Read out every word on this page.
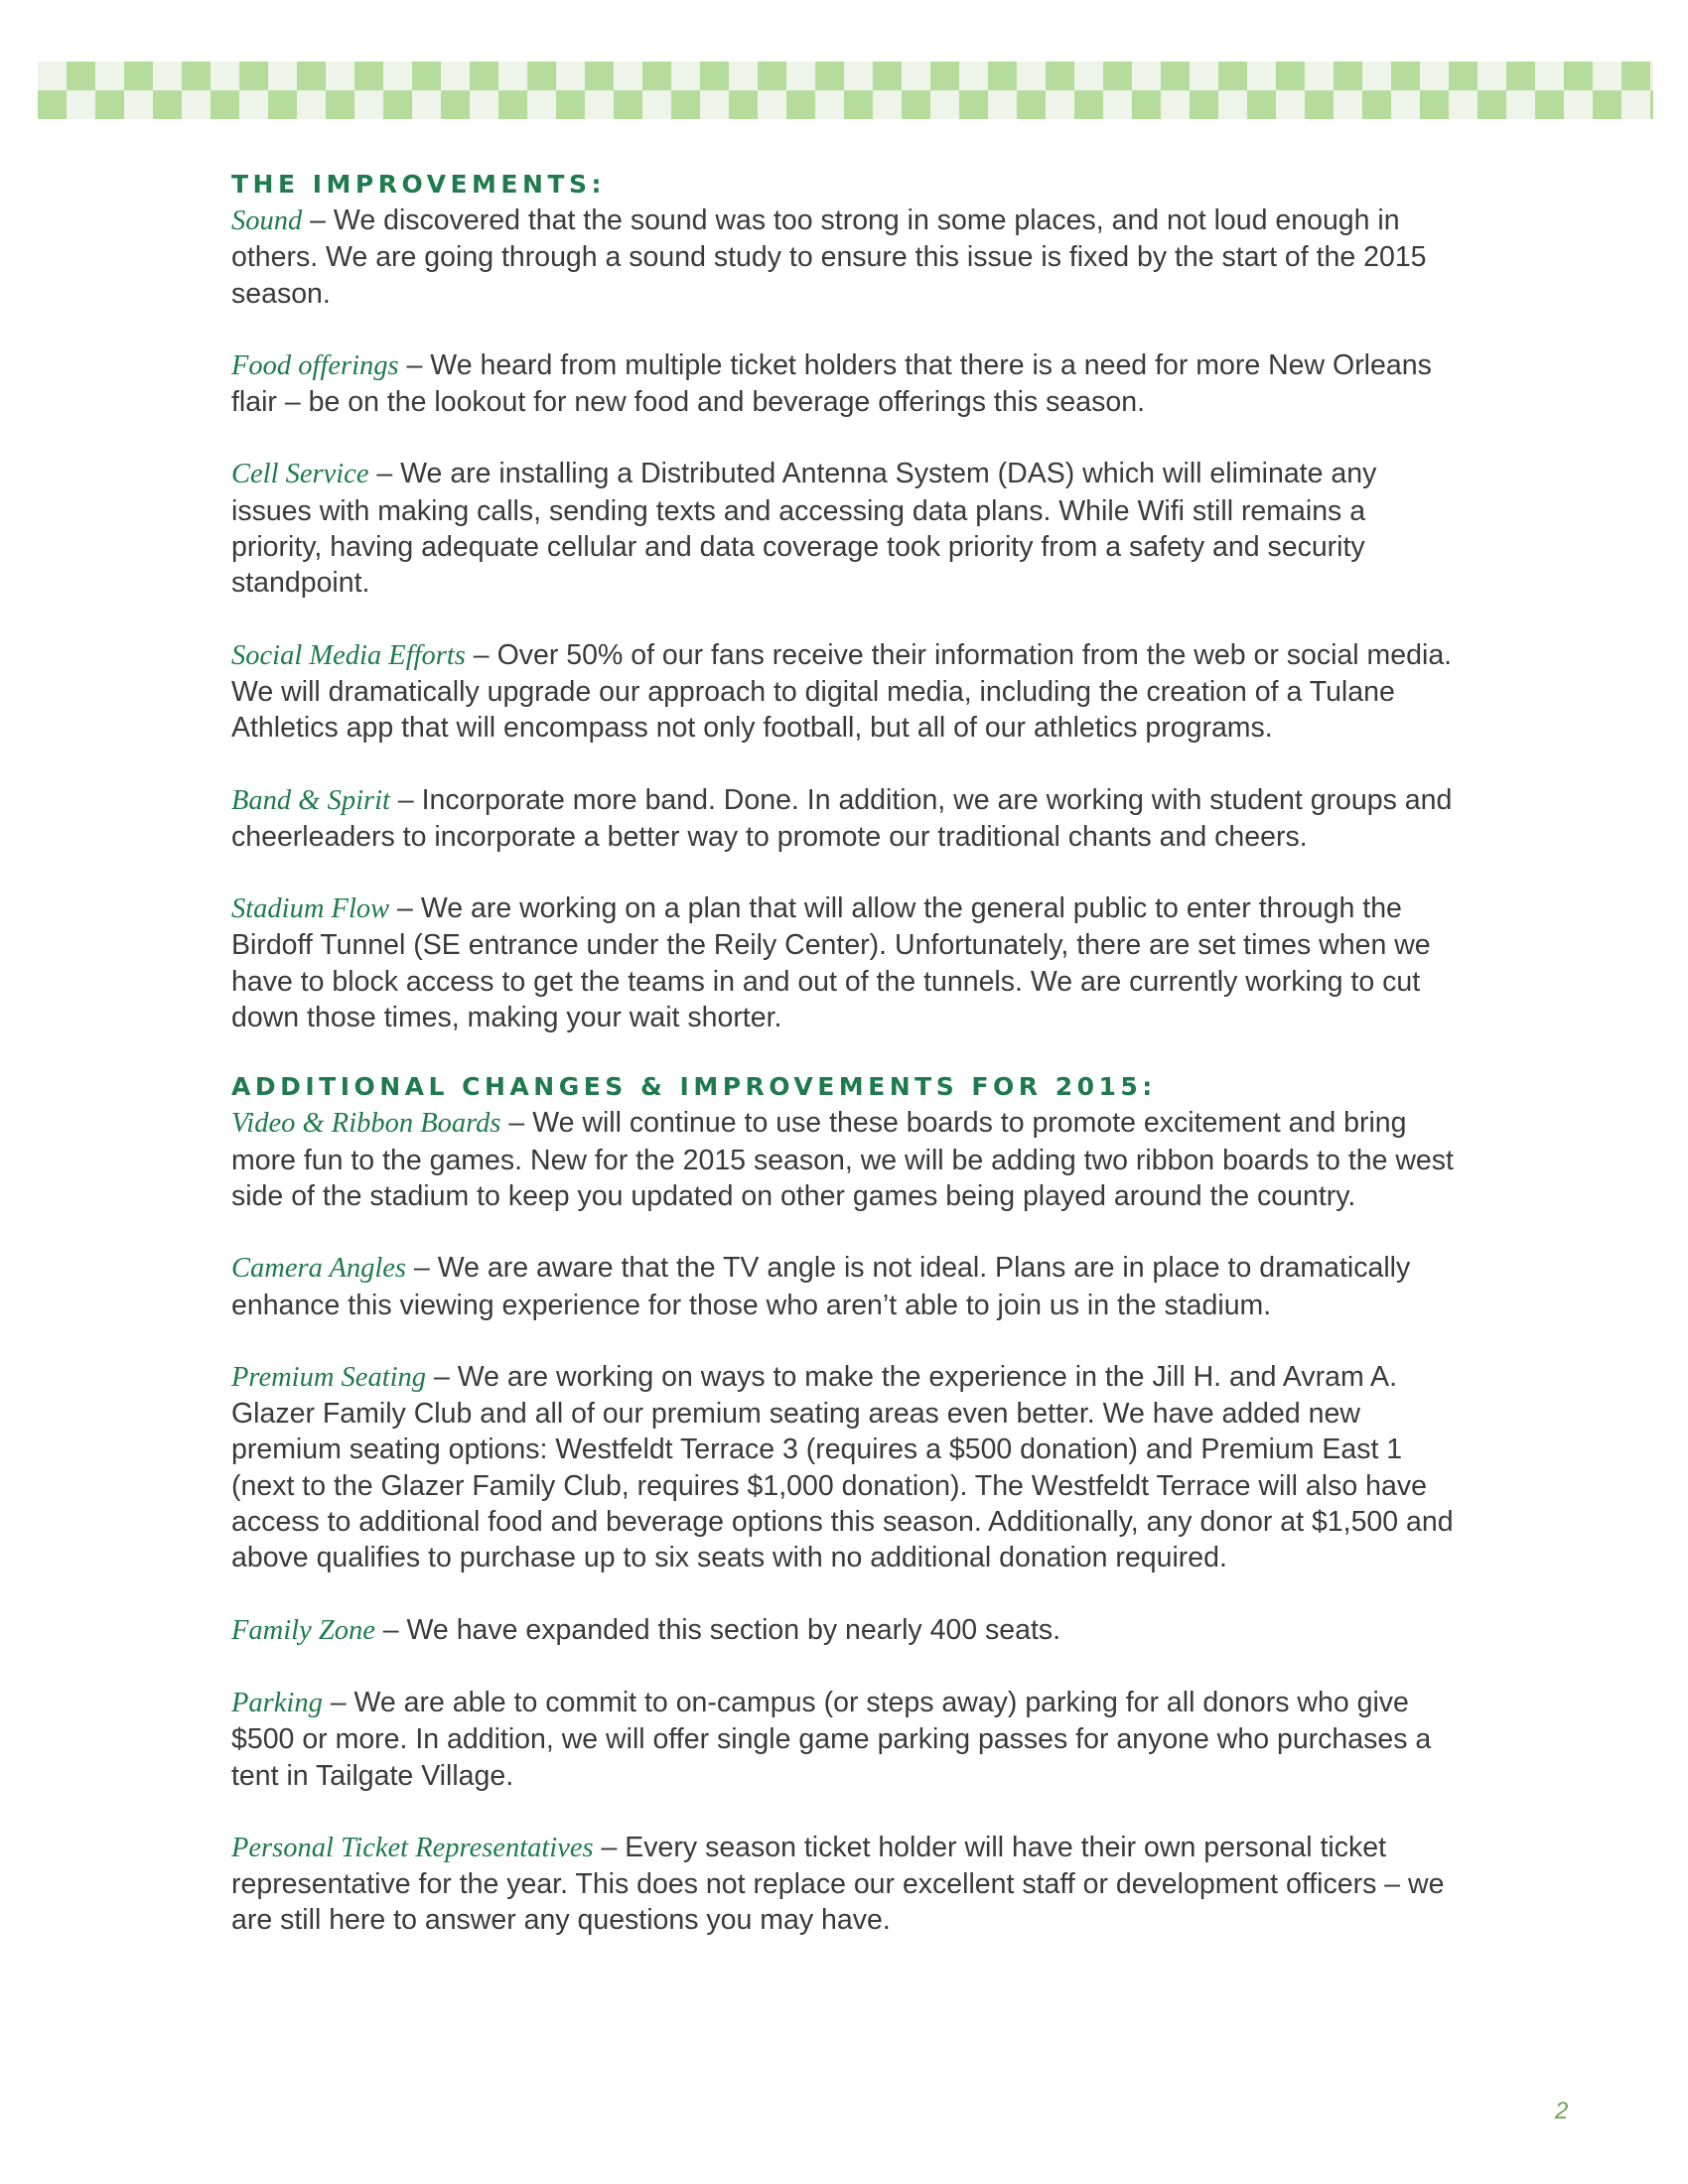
THE IMPROVEMENTS:

Sound – We discovered that the sound was too strong in some places, and not loud enough in others. We are going through a sound study to ensure this issue is fixed by the start of the 2015 season.

Food offerings – We heard from multiple ticket holders that there is a need for more New Orleans flair – be on the lookout for new food and beverage offerings this season.

Cell Service – We are installing a Distributed Antenna System (DAS) which will eliminate any issues with making calls, sending texts and accessing data plans. While Wifi still remains a priority, having adequate cellular and data coverage took priority from a safety and security standpoint.

Social Media Efforts – Over 50% of our fans receive their information from the web or social media. We will dramatically upgrade our approach to digital media, including the creation of a Tulane Athletics app that will encompass not only football, but all of our athletics programs.

Band & Spirit – Incorporate more band. Done. In addition, we are working with student groups and cheerleaders to incorporate a better way to promote our traditional chants and cheers.

Stadium Flow – We are working on a plan that will allow the general public to enter through the Birdoff Tunnel (SE entrance under the Reily Center). Unfortunately, there are set times when we have to block access to get the teams in and out of the tunnels. We are currently working to cut down those times, making your wait shorter.

ADDITIONAL CHANGES & IMPROVEMENTS FOR 2015:

Video & Ribbon Boards – We will continue to use these boards to promote excitement and bring more fun to the games. New for the 2015 season, we will be adding two ribbon boards to the west side of the stadium to keep you updated on other games being played around the country.

Camera Angles – We are aware that the TV angle is not ideal. Plans are in place to dramatically enhance this viewing experience for those who aren’t able to join us in the stadium.

Premium Seating – We are working on ways to make the experience in the Jill H. and Avram A. Glazer Family Club and all of our premium seating areas even better. We have added new premium seating options: Westfeldt Terrace 3 (requires a $500 donation) and Premium East 1 (next to the Glazer Family Club, requires $1,000 donation). The Westfeldt Terrace will also have access to additional food and beverage options this season. Additionally, any donor at $1,500 and above qualifies to purchase up to six seats with no additional donation required.

Family Zone – We have expanded this section by nearly 400 seats.

Parking – We are able to commit to on-campus (or steps away) parking for all donors who give $500 or more. In addition, we will offer single game parking passes for anyone who purchases a tent in Tailgate Village.

Personal Ticket Representatives – Every season ticket holder will have their own personal ticket representative for the year. This does not replace our excellent staff or development officers – we are still here to answer any questions you may have.

2
